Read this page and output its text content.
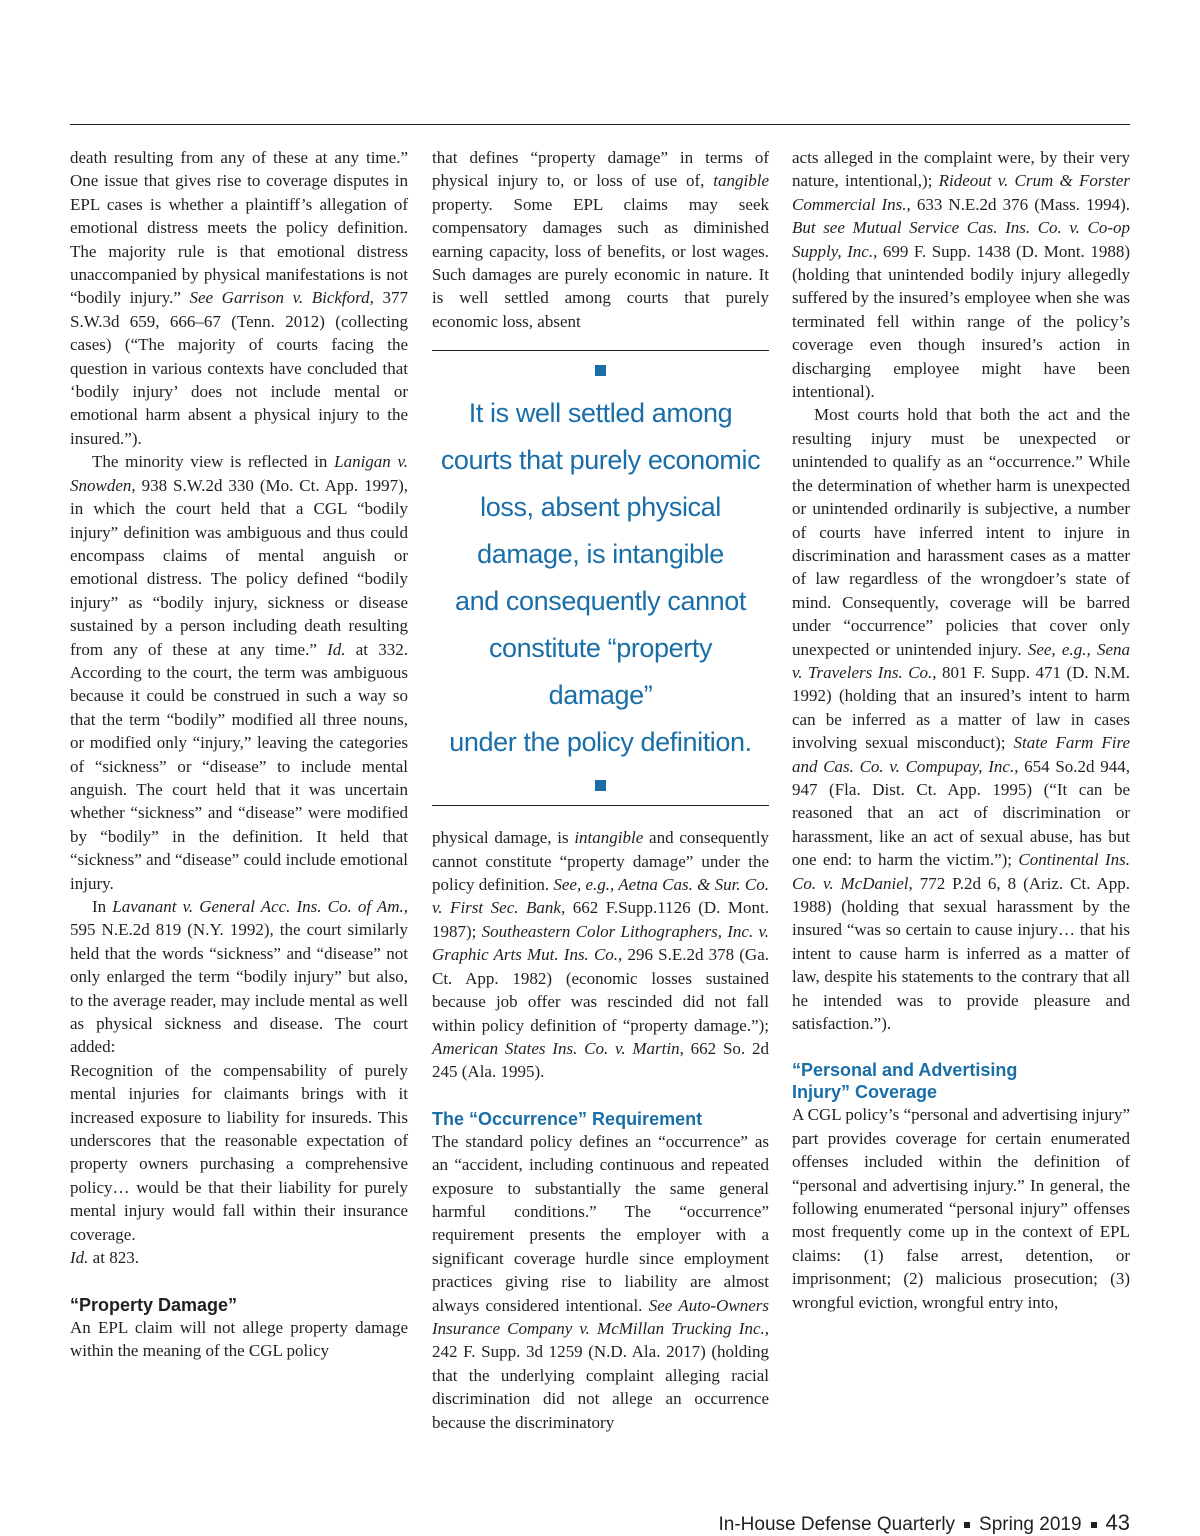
death resulting from any of these at any time.” One issue that gives rise to coverage disputes in EPL cases is whether a plaintiff’s allegation of emotional distress meets the policy definition. The majority rule is that emotional distress unaccompanied by physical manifestations is not “bodily injury.” See Garrison v. Bickford, 377 S.W.3d 659, 666–67 (Tenn. 2012) (collecting cases) (“The majority of courts facing the question in various contexts have concluded that ‘bodily injury’ does not include mental or emotional harm absent a physical injury to the insured.”).

The minority view is reflected in Lanigan v. Snowden, 938 S.W.2d 330 (Mo. Ct. App. 1997), in which the court held that a CGL “bodily injury” definition was ambiguous and thus could encompass claims of mental anguish or emotional distress. The policy defined “bodily injury” as “bodily injury, sickness or disease sustained by a person including death resulting from any of these at any time.” Id. at 332. According to the court, the term was ambiguous because it could be construed in such a way so that the term “bodily” modified all three nouns, or modified only “injury,” leaving the categories of “sickness” or “disease” to include mental anguish. The court held that it was uncertain whether “sickness” and “disease” were modified by “bodily” in the definition. It held that “sickness” and “disease” could include emotional injury.

In Lavanant v. General Acc. Ins. Co. of Am., 595 N.E.2d 819 (N.Y. 1992), the court similarly held that the words “sickness” and “disease” not only enlarged the term “bodily injury” but also, to the average reader, may include mental as well as physical sickness and disease. The court added:

Recognition of the compensability of purely mental injuries for claimants brings with it increased exposure to liability for insureds. This underscores that the reasonable expectation of property owners purchasing a comprehensive policy… would be that their liability for purely mental injury would fall within their insurance coverage.

Id. at 823.

“Property Damage”

An EPL claim will not allege property damage within the meaning of the CGL policy

that defines “property damage” in terms of physical injury to, or loss of use of, tangible property. Some EPL claims may seek compensatory damages such as diminished earning capacity, loss of benefits, or lost wages. Such damages are purely economic in nature. It is well settled among courts that purely economic loss, absent

It is well settled among
courts that purely economic
loss, absent physical
damage, is intangible
and consequently cannot
constitute “property damage”
under the policy definition.

physical damage, is intangible and consequently cannot constitute “property damage” under the policy definition. See, e.g., Aetna Cas. & Sur. Co. v. First Sec. Bank, 662 F.Supp.1126 (D. Mont. 1987); Southeastern Color Lithographers, Inc. v. Graphic Arts Mut. Ins. Co., 296 S.E.2d 378 (Ga. Ct. App. 1982) (economic losses sustained because job offer was rescinded did not fall within policy definition of “property damage.”); American States Ins. Co. v. Martin, 662 So. 2d 245 (Ala. 1995).

The “Occurrence” Requirement

The standard policy defines an “occurrence” as an “accident, including continuous and repeated exposure to substantially the same general harmful conditions.” The “occurrence” requirement presents the employer with a significant coverage hurdle since employment practices giving rise to liability are almost always considered intentional. See Auto-Owners Insurance Company v. McMillan Trucking Inc., 242 F. Supp. 3d 1259 (N.D. Ala. 2017) (holding that the underlying complaint alleging racial discrimination did not allege an occurrence because the discriminatory

acts alleged in the complaint were, by their very nature, intentional,); Rideout v. Crum & Forster Commercial Ins., 633 N.E.2d 376 (Mass. 1994). But see Mutual Service Cas. Ins. Co. v. Co-op Supply, Inc., 699 F. Supp. 1438 (D. Mont. 1988) (holding that unintended bodily injury allegedly suffered by the insured’s employee when she was terminated fell within range of the policy’s coverage even though insured’s action in discharging employee might have been intentional).

Most courts hold that both the act and the resulting injury must be unexpected or unintended to qualify as an “occurrence.” While the determination of whether harm is unexpected or unintended ordinarily is subjective, a number of courts have inferred intent to injure in discrimination and harassment cases as a matter of law regardless of the wrongdoer’s state of mind. Consequently, coverage will be barred under “occurrence” policies that cover only unexpected or unintended injury. See, e.g., Sena v. Travelers Ins. Co., 801 F. Supp. 471 (D. N.M. 1992) (holding that an insured’s intent to harm can be inferred as a matter of law in cases involving sexual misconduct); State Farm Fire and Cas. Co. v. Compupay, Inc., 654 So.2d 944, 947 (Fla. Dist. Ct. App. 1995) (“It can be reasoned that an act of discrimination or harassment, like an act of sexual abuse, has but one end: to harm the victim.”); Continental Ins. Co. v. McDaniel, 772 P.2d 6, 8 (Ariz. Ct. App. 1988) (holding that sexual harassment by the insured “was so certain to cause injury… that his intent to cause harm is inferred as a matter of law, despite his statements to the contrary that all he intended was to provide pleasure and satisfaction.”).

“Personal and Advertising
Injury” Coverage

A CGL policy’s “personal and advertising injury” part provides coverage for certain enumerated offenses included within the definition of “personal and advertising injury.” In general, the following enumerated “personal injury” offenses most frequently come up in the context of EPL claims: (1) false arrest, detention, or imprisonment; (2) malicious prosecution; (3) wrongful eviction, wrongful entry into,

In-House Defense Quarterly Spring 2019 43
